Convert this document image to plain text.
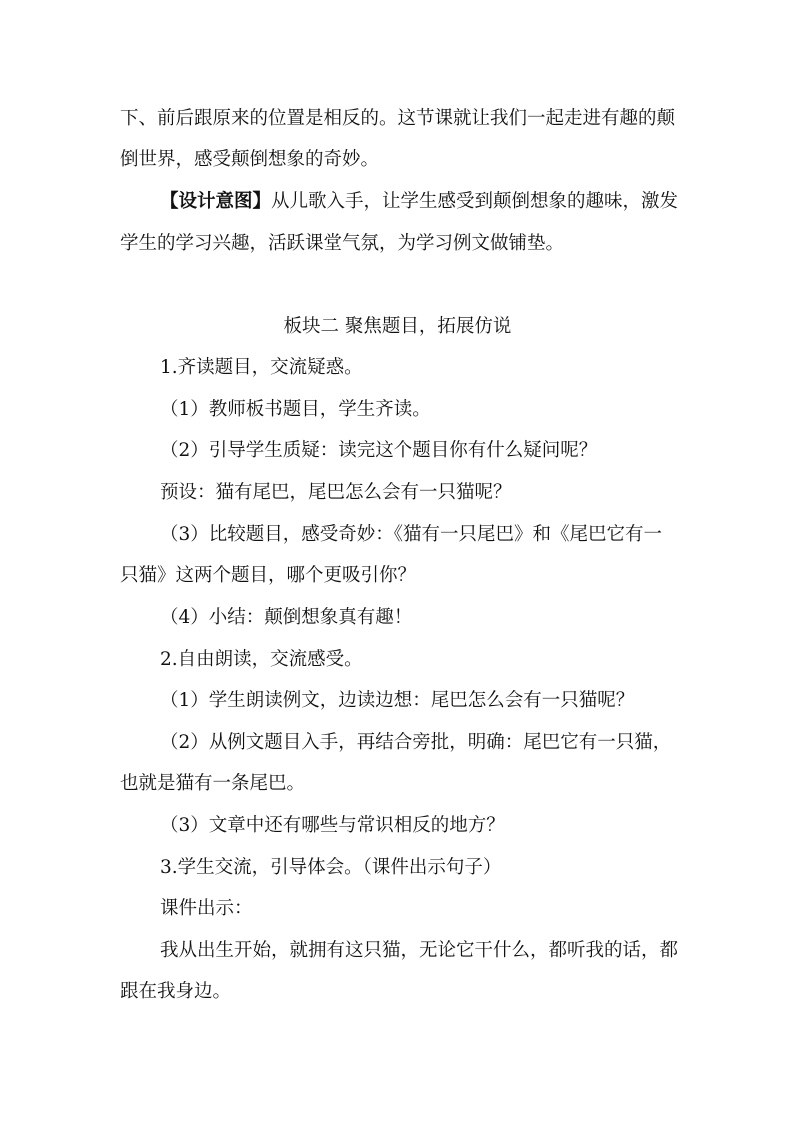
下、前后跟原来的位置是相反的。这节课就让我们一起走进有趣的颠
倒世界，感受颠倒想象的奇妙。
【设计意图】从儿歌入手，让学生感受到颠倒想象的趣味，激发
学生的学习兴趣，活跃课堂气氛，为学习例文做铺垫。
板块二 聚焦题目，拓展仿说
1.齐读题目，交流疑惑。
（1）教师板书题目，学生齐读。
（2）引导学生质疑：读完这个题目你有什么疑问呢？
预设：猫有尾巴，尾巴怎么会有一只猫呢？
（3）比较题目，感受奇妙：《猫有一只尾巴》和《尾巴它有一
只猫》这两个题目，哪个更吸引你？
（4）小结：颠倒想象真有趣！
2.自由朗读，交流感受。
（1）学生朗读例文，边读边想：尾巴怎么会有一只猫呢？
（2）从例文题目入手，再结合旁批，明确：尾巴它有一只猫，
也就是猫有一条尾巴。
（3）文章中还有哪些与常识相反的地方？
3.学生交流，引导体会。（课件出示句子）
课件出示：
我从出生开始，就拥有这只猫，无论它干什么，都听我的话，都
跟在我身边。
